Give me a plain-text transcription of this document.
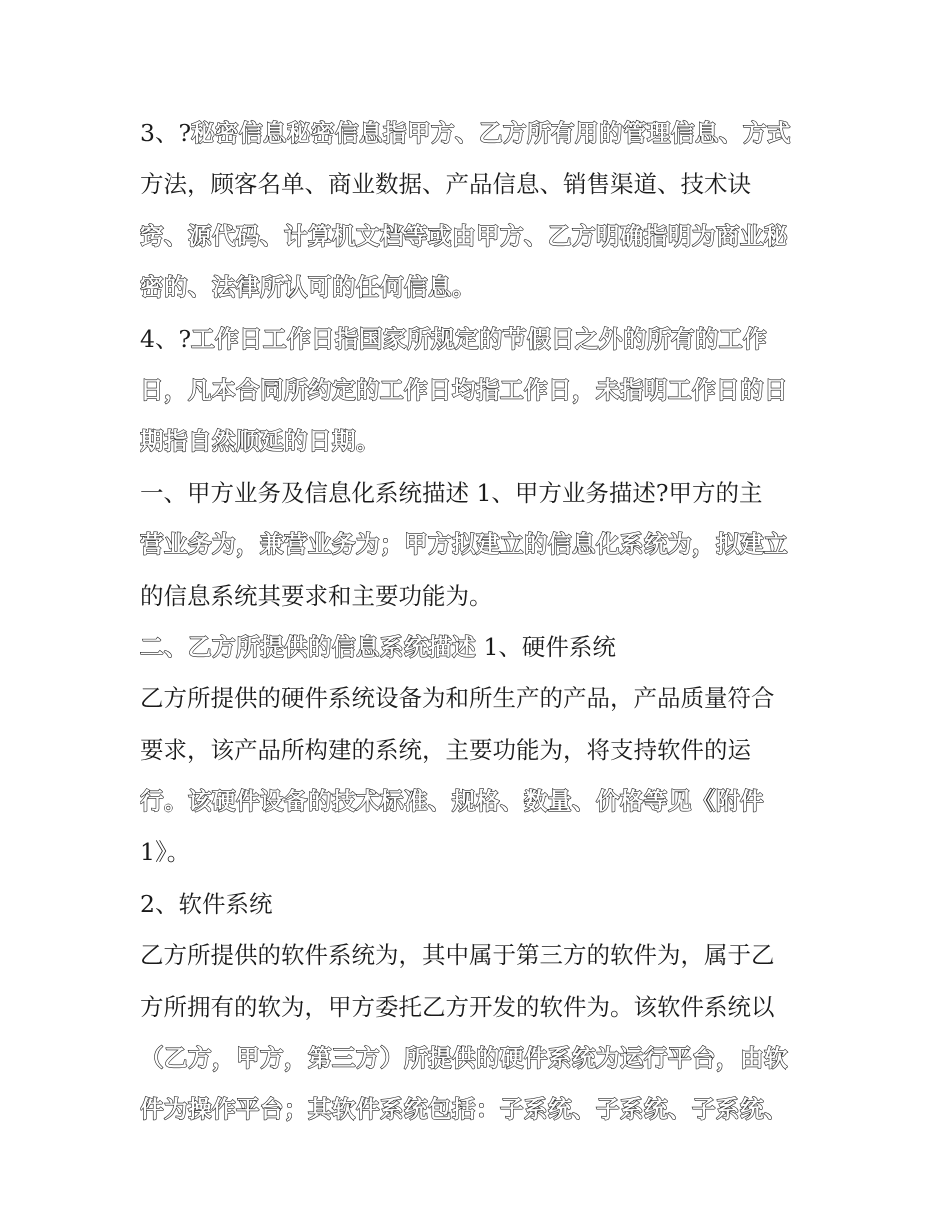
3、?秘密信息秘密信息指甲方、乙方所有用的管理信息、方式
方法，顾客名单、商业数据、产品信息、销售渠道、技术诀
窍、源代码、计算机文档等或由甲方、乙方明确指明为商业秘
密的、法律所认可的任何信息。
4、?工作日工作日指国家所规定的节假日之外的所有的工作
日，凡本合同所约定的工作日均指工作日，未指明工作日的日
期指自然顺延的日期。
一、甲方业务及信息化系统描述 1、甲方业务描述?甲方的主
营业务为，兼营业务为；甲方拟建立的信息化系统为，拟建立
的信息系统其要求和主要功能为。
二、乙方所提供的信息系统描述 1、硬件系统
乙方所提供的硬件系统设备为和所生产的产品，产品质量符合
要求，该产品所构建的系统，主要功能为，将支持软件的运
行。该硬件设备的技术标准、规格、数量、价格等见《附件
1》。
2、软件系统
乙方所提供的软件系统为，其中属于第三方的软件为，属于乙
方所拥有的软为，甲方委托乙方开发的软件为。该软件系统以
（乙方，甲方，第三方）所提供的硬件系统为运行平台，由软
件为操作平台；其软件系统包括：子系统、子系统、子系统、
